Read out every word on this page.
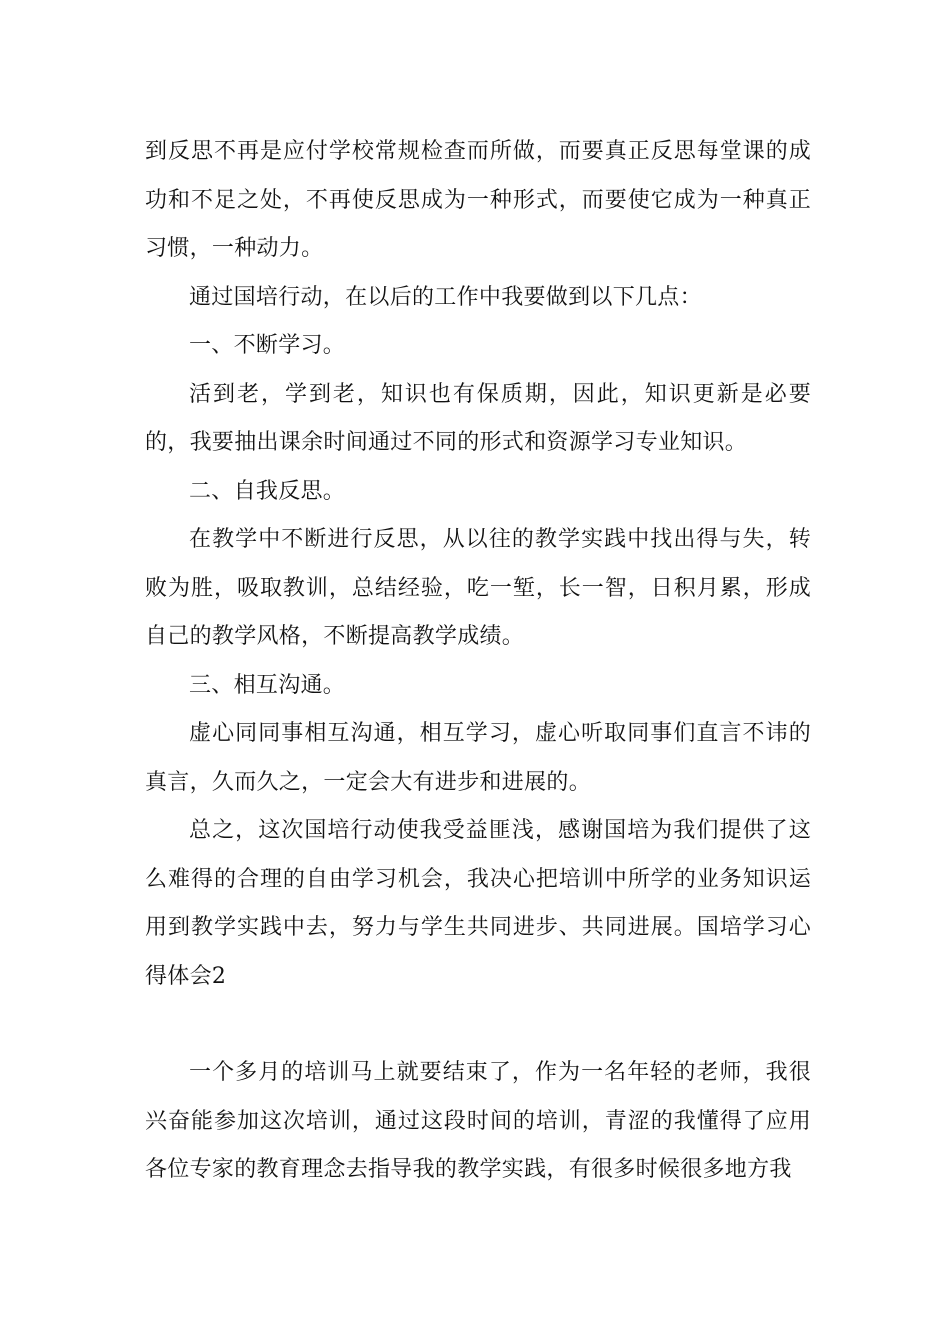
到反思不再是应付学校常规检查而所做，而要真正反思每堂课的成功和不足之处，不再使反思成为一种形式，而要使它成为一种真正习惯，一种动力。

通过国培行动，在以后的工作中我要做到以下几点：

一、不断学习。

活到老，学到老，知识也有保质期，因此，知识更新是必要的，我要抽出课余时间通过不同的形式和资源学习专业知识。

二、自我反思。

在教学中不断进行反思，从以往的教学实践中找出得与失，转败为胜，吸取教训，总结经验，吃一堑，长一智，日积月累，形成自己的教学风格，不断提高教学成绩。

三、相互沟通。

虚心同同事相互沟通，相互学习，虚心听取同事们直言不讳的真言，久而久之，一定会大有进步和进展的。

总之，这次国培行动使我受益匪浅，感谢国培为我们提供了这么难得的合理的自由学习机会，我决心把培训中所学的业务知识运用到教学实践中去，努力与学生共同进步、共同进展。国培学习心得体会2

一个多月的培训马上就要结束了，作为一名年轻的老师，我很兴奋能参加这次培训，通过这段时间的培训，青涩的我懂得了应用各位专家的教育理念去指导我的教学实践，有很多时候很多地方我
